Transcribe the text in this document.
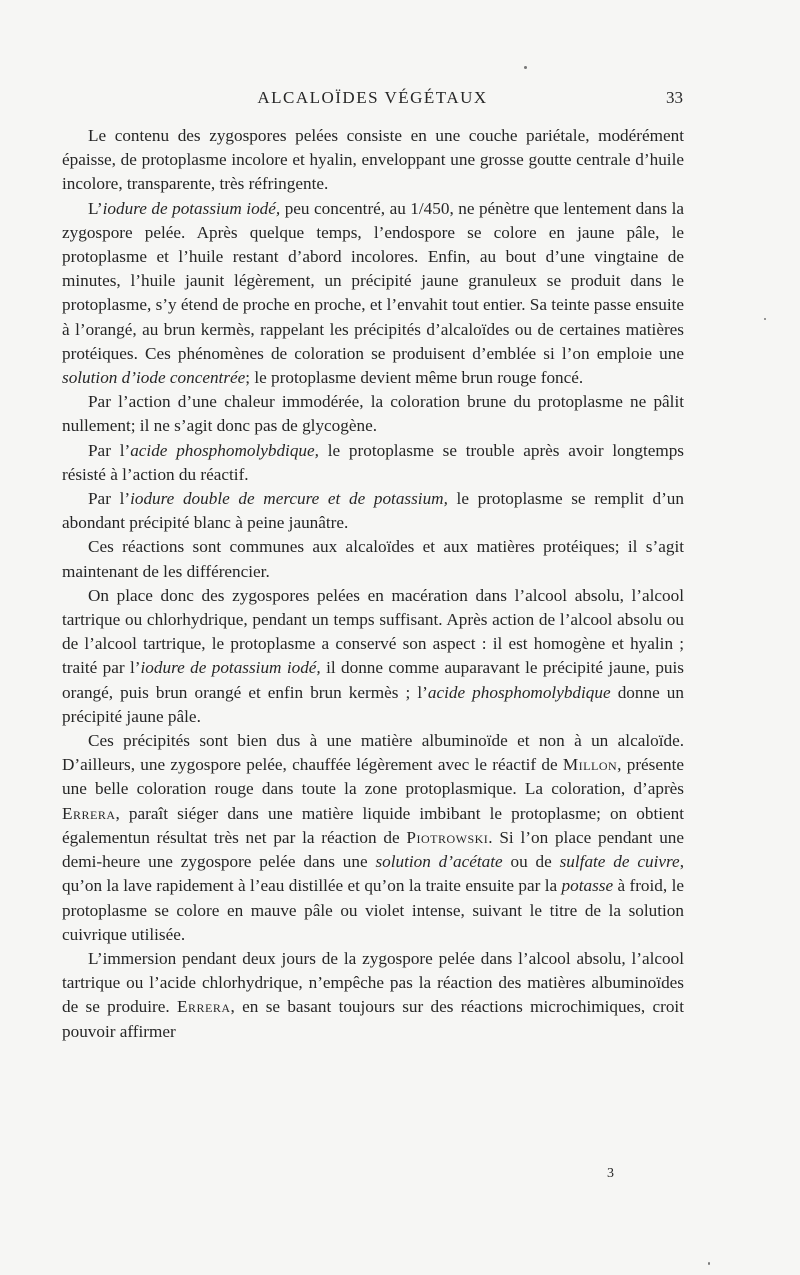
ALCALOÏDES VÉGÉTAUX	33

Le contenu des zygospores pelées consiste en une couche pariétale, modérément épaisse, de protoplasme incolore et hyalin, enveloppant une grosse goutte centrale d’huile incolore, transparente, très réfringente.

L’iodure de potassium iodé, peu concentré, au 1/450, ne pénètre que lentement dans la zygospore pelée. Après quelque temps, l’endospore se colore en jaune pâle, le protoplasme et l’huile restant d’abord incolores. Enfin, au bout d’une vingtaine de minutes, l’huile jaunit légèrement, un précipité jaune granuleux se produit dans le protoplasme, s’y étend de proche en proche, et l’envahit tout entier. Sa teinte passe ensuite à l’orangé, au brun kermès, rappelant les précipités d’alcaloïdes ou de certaines matières protéiques. Ces phénomènes de coloration se produisent d’emblée si l’on emploie une solution d’iode concentrée; le protoplasme devient même brun rouge foncé.

Par l’action d’une chaleur immodérée, la coloration brune du protoplasme ne pâlit nullement; il ne s’agit donc pas de glycogène.

Par l’acide phosphomolybdique, le protoplasme se trouble après avoir longtemps résisté à l’action du réactif.

Par l’iodure double de mercure et de potassium, le protoplasme se remplit d’un abondant précipité blanc à peine jaunâtre.

Ces réactions sont communes aux alcaloïdes et aux matières protéiques; il s’agit maintenant de les différencier.

On place donc des zygospores pelées en macération dans l’alcool absolu, l’alcool tartrique ou chlorhydrique, pendant un temps suffisant. Après action de l’alcool absolu ou de l’alcool tartrique, le protoplasme a conservé son aspect : il est homogène et hyalin ; traité par l’iodure de potassium iodé, il donne comme auparavant le précipité jaune, puis orangé, puis brun orangé et enfin brun kermès ; l’acide phosphomolybdique donne un précipité jaune pâle.

Ces précipités sont bien dus à une matière albuminoïde et non à un alcaloïde. D’ailleurs, une zygospore pelée, chauffée légèrement avec le réactif de Millon, présente une belle coloration rouge dans toute la zone protoplasmique. La coloration, d’après Errera, paraît siéger dans une matière liquide imbibant le protoplasme; on obtient égalementun résultat très net par la réaction de Piotrowski. Si l’on place pendant une demi-heure une zygospore pelée dans une solution d’acétate ou de sulfate de cuivre, qu’on la lave rapidement à l’eau distillée et qu’on la traite ensuite par la potasse à froid, le protoplasme se colore en mauve pâle ou violet intense, suivant le titre de la solution cuivrique utilisée.

L’immersion pendant deux jours de la zygospore pelée dans l’alcool absolu, l’alcool tartrique ou l’acide chlorhydrique, n’empêche pas la réaction des matières albuminoïdes de se produire. Errera, en se basant toujours sur des réactions microchimiques, croit pouvoir affirmer

3
